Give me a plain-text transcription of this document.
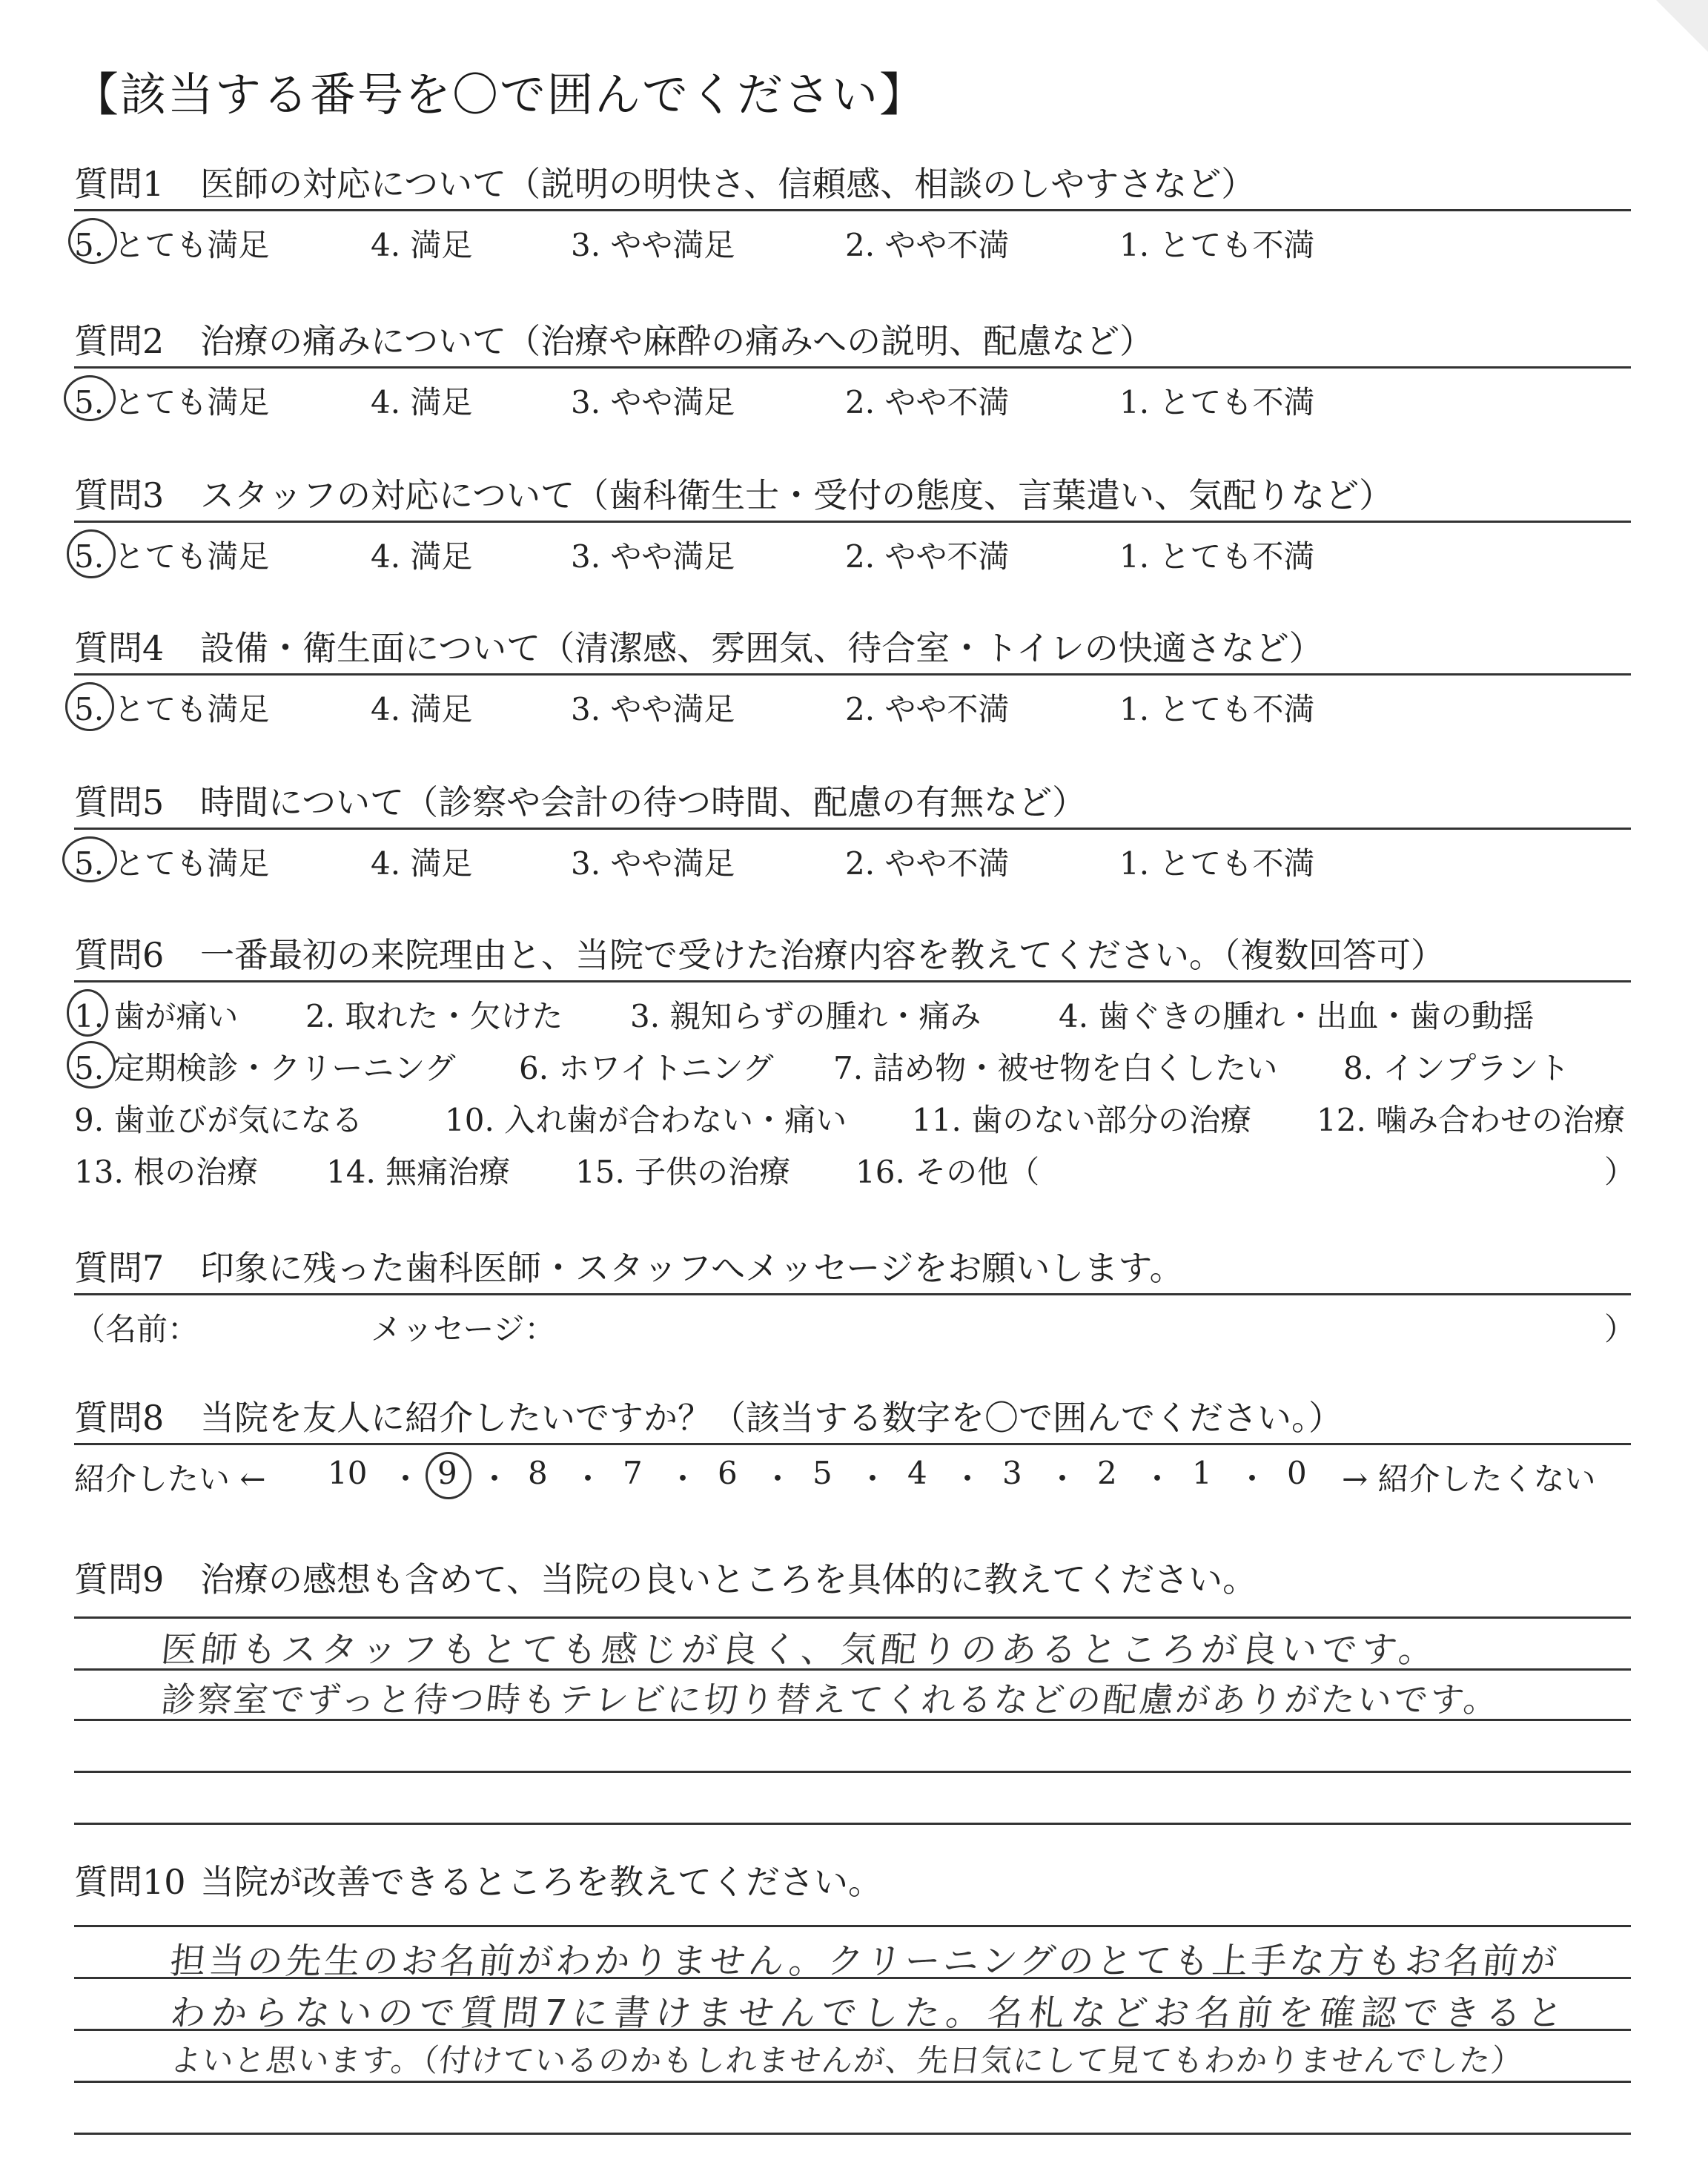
【該当する番号を〇で囲んでください】
質問1 医師の対応について（説明の明快さ、信頼感、相談のしやすさなど）
5. とても満足	4. 満足	3. やや満足	2. やや不満	1. とても不満
質問2 治療の痛みについて（治療や麻酔の痛みへの説明、配慮など）
5. とても満足	4. 満足	3. やや満足	2. やや不満	1. とても不満
質問3 スタッフの対応について（歯科衛生士・受付の態度、言葉遣い、気配りなど）
5. とても満足	4. 満足	3. やや満足	2. やや不満	1. とても不満
質問4 設備・衛生面について（清潔感、雰囲気、待合室・トイレの快適さなど）
5. とても満足	4. 満足	3. やや満足	2. やや不満	1. とても不満
質問5 時間について（診察や会計の待つ時間、配慮の有無など）
5. とても満足	4. 満足	3. やや満足	2. やや不満	1. とても不満
質問6 一番最初の来院理由と、当院で受けた治療内容を教えてください。（複数回答可）
1. 歯が痛い 2. 取れた・欠けた 3. 親知らずの腫れ・痛み 4. 歯ぐきの腫れ・出血・歯の動揺
5. 定期検診・クリーニング 6. ホワイトニング 7. 詰め物・被せ物を白くしたい 8. インプラント
9. 歯並びが気になる	10. 入れ歯が合わない・痛い 11. 歯のない部分の治療 12. 噛み合わせの治療
13. 根の治療 14. 無痛治療 15. 子供の治療 16. その他（	）
質問7 印象に残った歯科医師・スタッフへメッセージをお願いします。
（名前：	メッセージ：	）
質問8 当院を友人に紹介したいですか？（該当する数字を〇で囲んでください。）
紹介したい ←	→ 紹介したくない
10 ・ 9 ・ 8 ・ 7 ・ 6 ・ 5 ・ 4 ・ 3 ・ 2 ・ 1 ・ 0
質問9 治療の感想も含めて、当院の良いところを具体的に教えてください。
医師もスタッフもとても感じが良く、気配りのあるところが良いです。
診察室でずっと待つ時もテレビに切り替えてくれるなどの配慮がありがたいです。
質問10 当院が改善できるところを教えてください。
担当の先生のお名前がわかりません。クリーニングのとても上手な方もお名前が
わからないので質問7に書けませんでした。名札などお名前を確認できると
よいと思います。（付けているのかもしれませんが、先日気にして見てもわかりませんでした）
